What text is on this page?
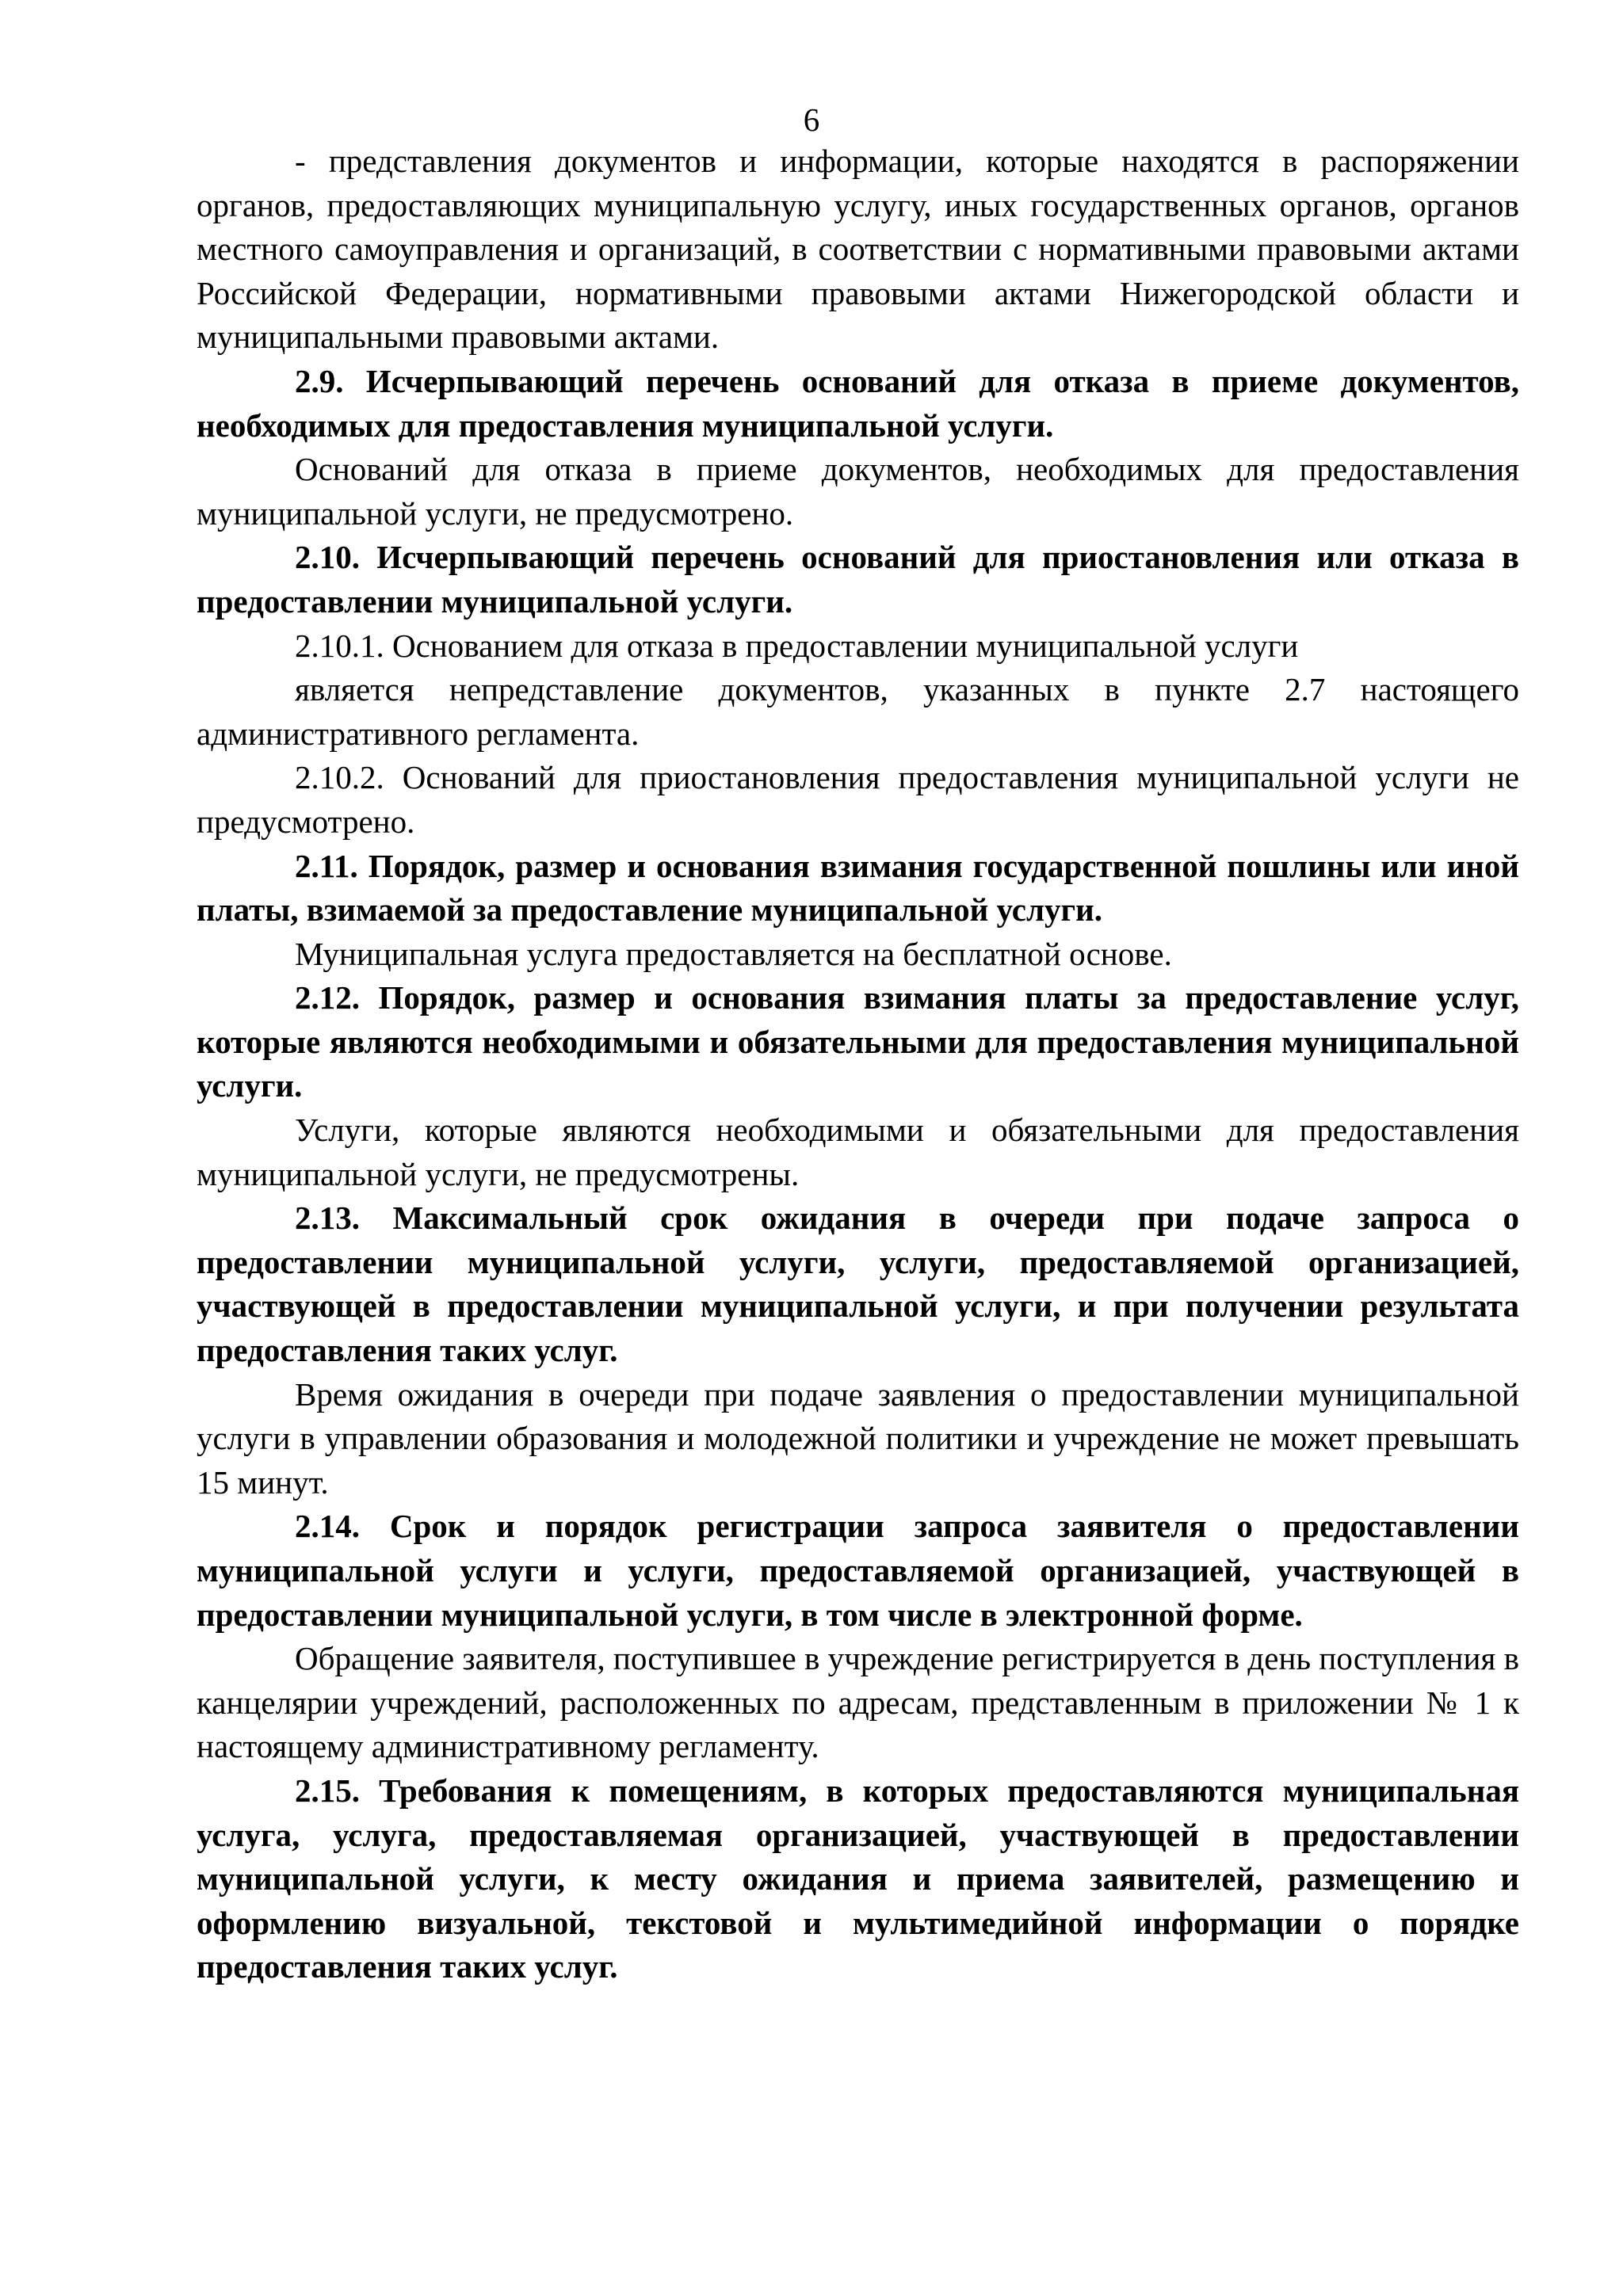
6

- представления документов и информации, которые находятся в распоряжении органов, предоставляющих муниципальную услугу, иных государственных органов, органов местного самоуправления и организаций, в соответствии с нормативными правовыми актами Российской Федерации, нормативными правовыми актами Нижегородской области и муниципальными правовыми актами.

2.9. Исчерпывающий перечень оснований для отказа в приеме документов, необходимых для предоставления муниципальной услуги.

Оснований для отказа в приеме документов, необходимых для предоставления муниципальной услуги, не предусмотрено.

2.10. Исчерпывающий перечень оснований для приостановления или отказа в предоставлении муниципальной услуги.

2.10.1. Основанием для отказа в предоставлении муниципальной услуги

является непредставление документов, указанных в пункте 2.7 настоящего административного регламента.

2.10.2. Оснований для приостановления предоставления муниципальной услуги не предусмотрено.

2.11. Порядок, размер и основания взимания государственной пошлины или иной платы, взимаемой за предоставление муниципальной услуги.

Муниципальная услуга предоставляется на бесплатной основе.

2.12. Порядок, размер и основания взимания платы за предоставление услуг, которые являются необходимыми и обязательными для предоставления муниципальной услуги.

Услуги, которые являются необходимыми и обязательными для предоставления муниципальной услуги, не предусмотрены.

2.13. Максимальный срок ожидания в очереди при подаче запроса о предоставлении муниципальной услуги, услуги, предоставляемой организацией, участвующей в предоставлении муниципальной услуги, и при получении результата предоставления таких услуг.

Время ожидания в очереди при подаче заявления о предоставлении муниципальной услуги в управлении образования и молодежной политики и учреждение не может превышать 15 минут.

2.14. Срок и порядок регистрации запроса заявителя о предоставлении муниципальной услуги и услуги, предоставляемой организацией, участвующей в предоставлении муниципальной услуги, в том числе в электронной форме.

Обращение заявителя, поступившее в учреждение регистрируется в день поступления в канцелярии учреждений, расположенных по адресам, представленным в приложении № 1 к настоящему административному регламенту.

2.15. Требования к помещениям, в которых предоставляются муниципальная услуга, услуга, предоставляемая организацией, участвующей в предоставлении муниципальной услуги, к месту ожидания и приема заявителей, размещению и оформлению визуальной, текстовой и мультимедийной информации о порядке предоставления таких услуг.
